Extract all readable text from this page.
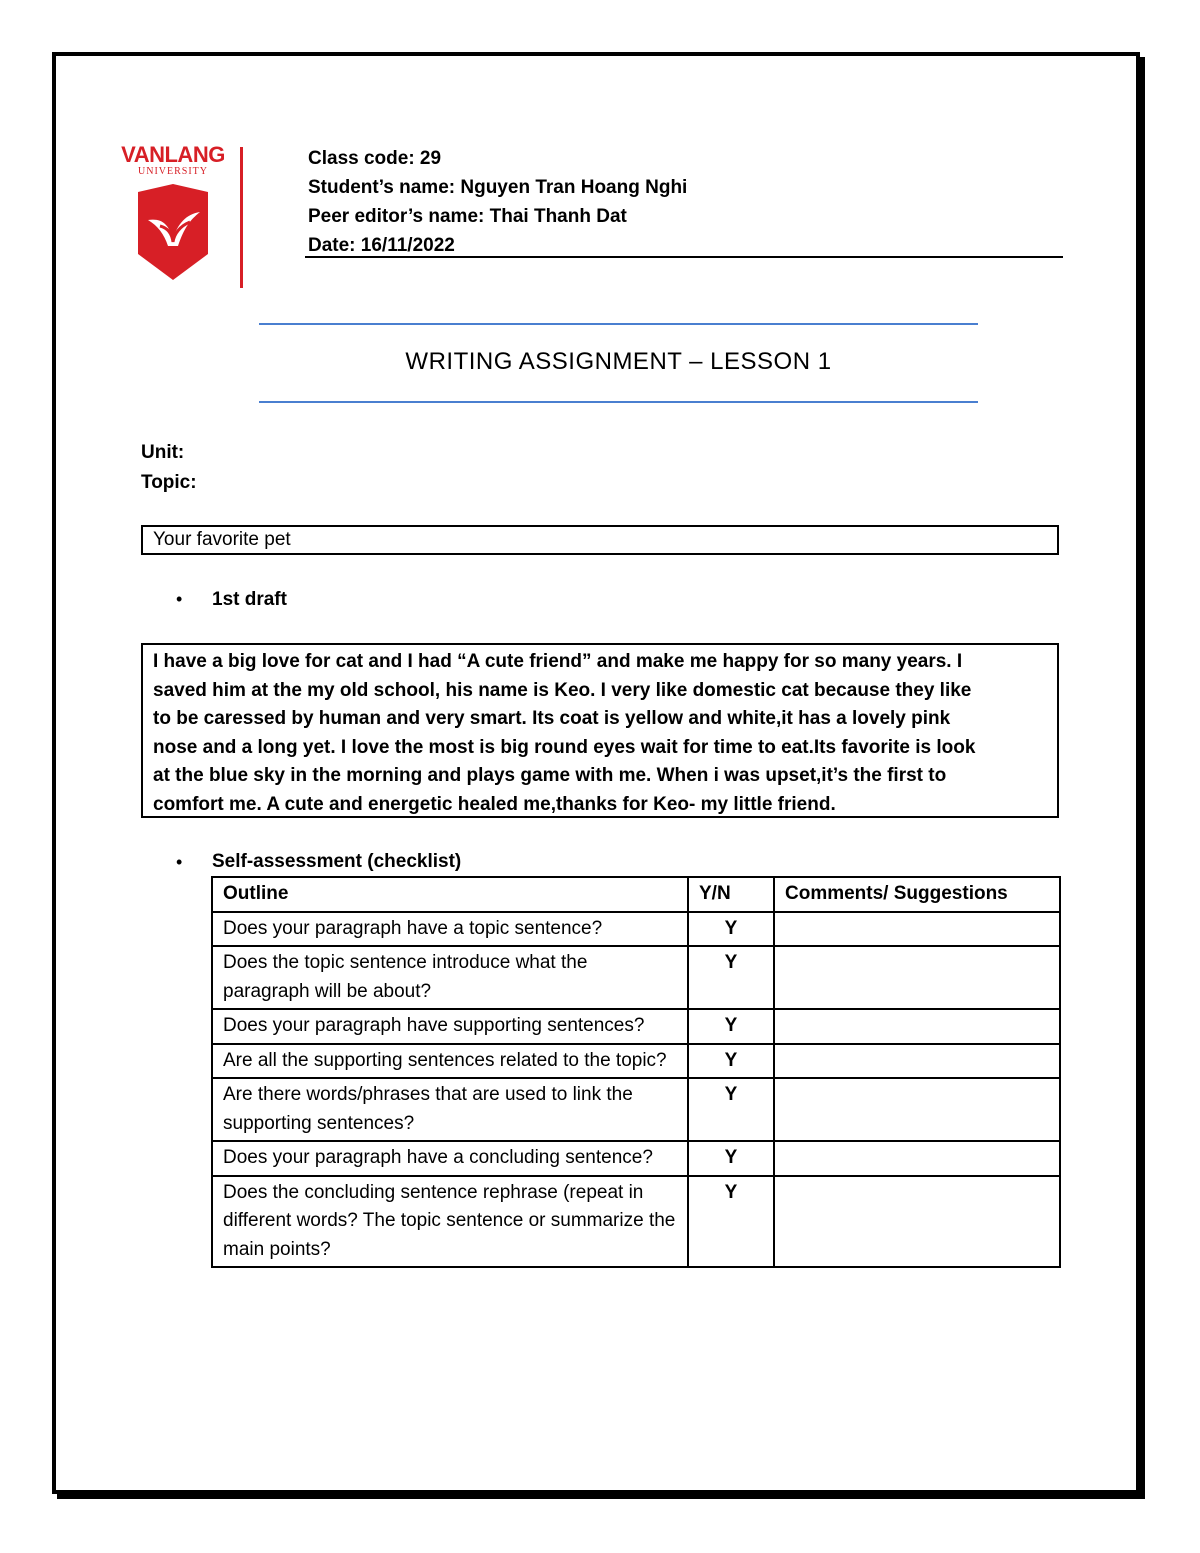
VANLANG
UNIVERSITY
Class code: 29
Student’s name: Nguyen Tran Hoang Nghi
Peer editor’s name: Thai Thanh Dat
Date: 16/11/2022
WRITING ASSIGNMENT – LESSON 1
Unit:
Topic:
Your favorite pet
• 1st draft
I have a big love for cat and I had “A cute friend” and make me happy for so many years. I
saved him at the my old school, his name is Keo. I very like domestic cat because they like
to be caressed by human and very smart. Its coat is yellow and white,it has a lovely pink
nose and a long yet. I love the most is big round eyes wait for time to eat.Its favorite is look
at the blue sky in the morning and plays game with me. When i was upset,it’s the first to
comfort me. A cute and energetic healed me,thanks for Keo- my little friend.
• Self-assessment (checklist)
Outline	Y/N	Comments/ Suggestions
Does your paragraph have a topic sentence?	Y	
Does the topic sentence introduce what the paragraph will be about?	Y	
Does your paragraph have supporting sentences?	Y	
Are all the supporting sentences related to the topic?	Y	
Are there words/phrases that are used to link the supporting sentences?	Y	
Does your paragraph have a concluding sentence?	Y	
Does the concluding sentence rephrase (repeat in different words? The topic sentence or summarize the main points?	Y	
